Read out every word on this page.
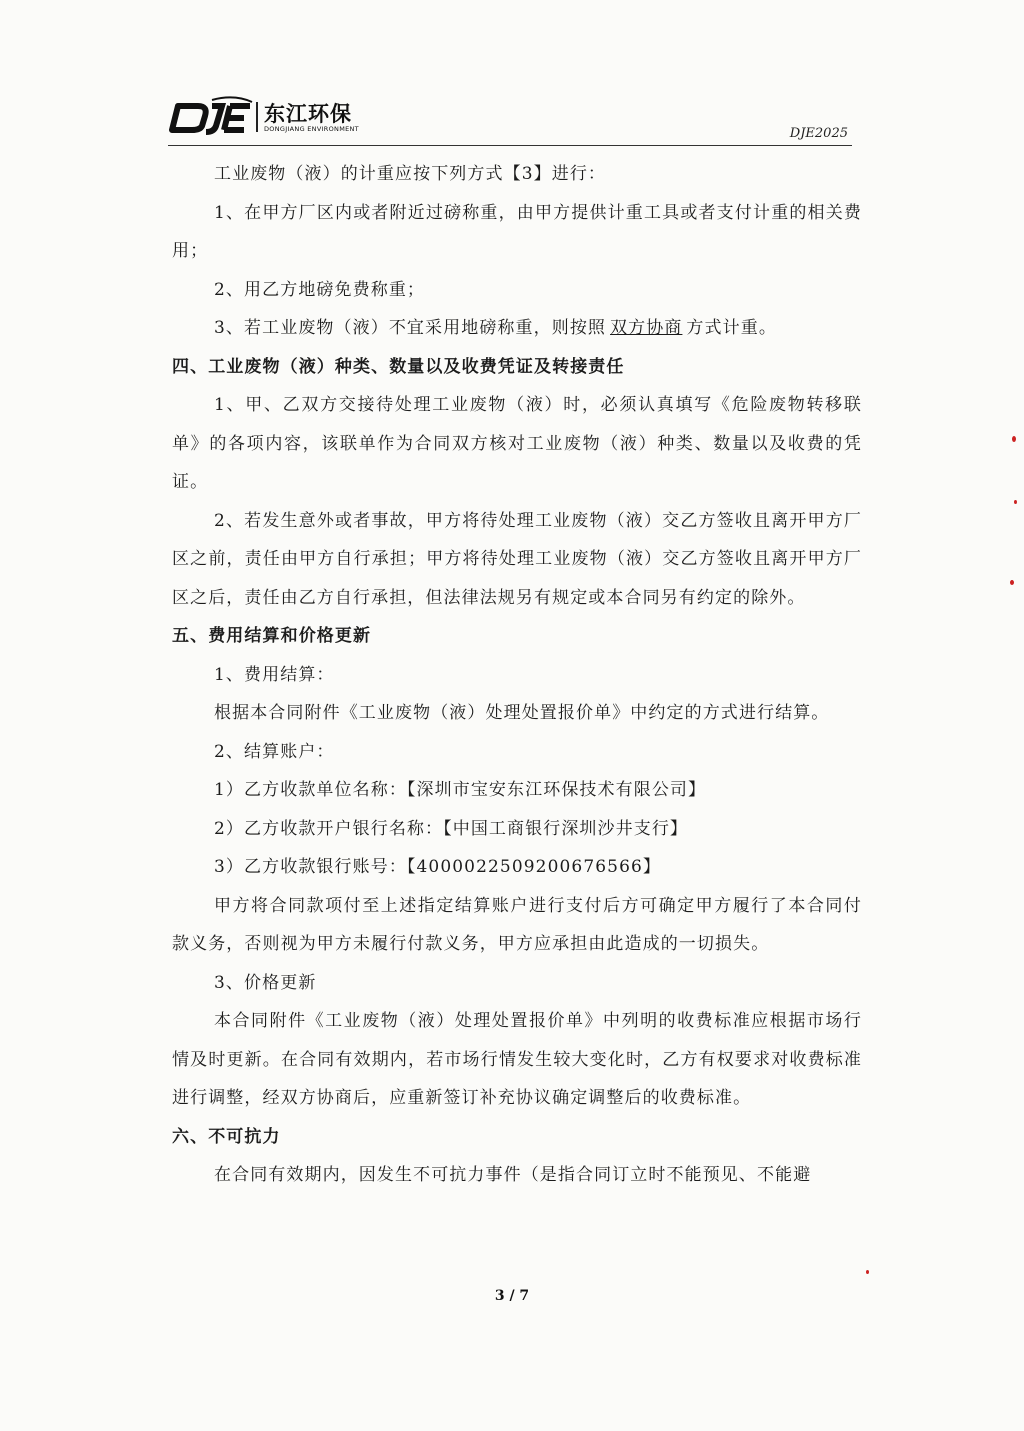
东江环保
DONGJIANG ENVIRONMENT	DJE2025

工业废物（液）的计重应按下列方式【3】进行：

1、在甲方厂区内或者附近过磅称重，由甲方提供计重工具或者支付计重的相关费用；

2、用乙方地磅免费称重；

3、若工业废物（液）不宜采用地磅称重，则按照 双方协商 方式计重。

四、工业废物（液）种类、数量以及收费凭证及转接责任

1、甲、乙双方交接待处理工业废物（液）时，必须认真填写《危险废物转移联单》的各项内容，该联单作为合同双方核对工业废物（液）种类、数量以及收费的凭证。

2、若发生意外或者事故，甲方将待处理工业废物（液）交乙方签收且离开甲方厂区之前，责任由甲方自行承担；甲方将待处理工业废物（液）交乙方签收且离开甲方厂区之后，责任由乙方自行承担，但法律法规另有规定或本合同另有约定的除外。

五、费用结算和价格更新

1、费用结算：

根据本合同附件《工业废物（液）处理处置报价单》中约定的方式进行结算。

2、结算账户：

1）乙方收款单位名称：【深圳市宝安东江环保技术有限公司】

2）乙方收款开户银行名称：【中国工商银行深圳沙井支行】

3）乙方收款银行账号：【4000022509200676566】

甲方将合同款项付至上述指定结算账户进行支付后方可确定甲方履行了本合同付款义务，否则视为甲方未履行付款义务，甲方应承担由此造成的一切损失。

3、价格更新

本合同附件《工业废物（液）处理处置报价单》中列明的收费标准应根据市场行情及时更新。在合同有效期内，若市场行情发生较大变化时，乙方有权要求对收费标准进行调整，经双方协商后，应重新签订补充协议确定调整后的收费标准。

六、不可抗力

在合同有效期内，因发生不可抗力事件（是指合同订立时不能预见、不能避

3 / 7
